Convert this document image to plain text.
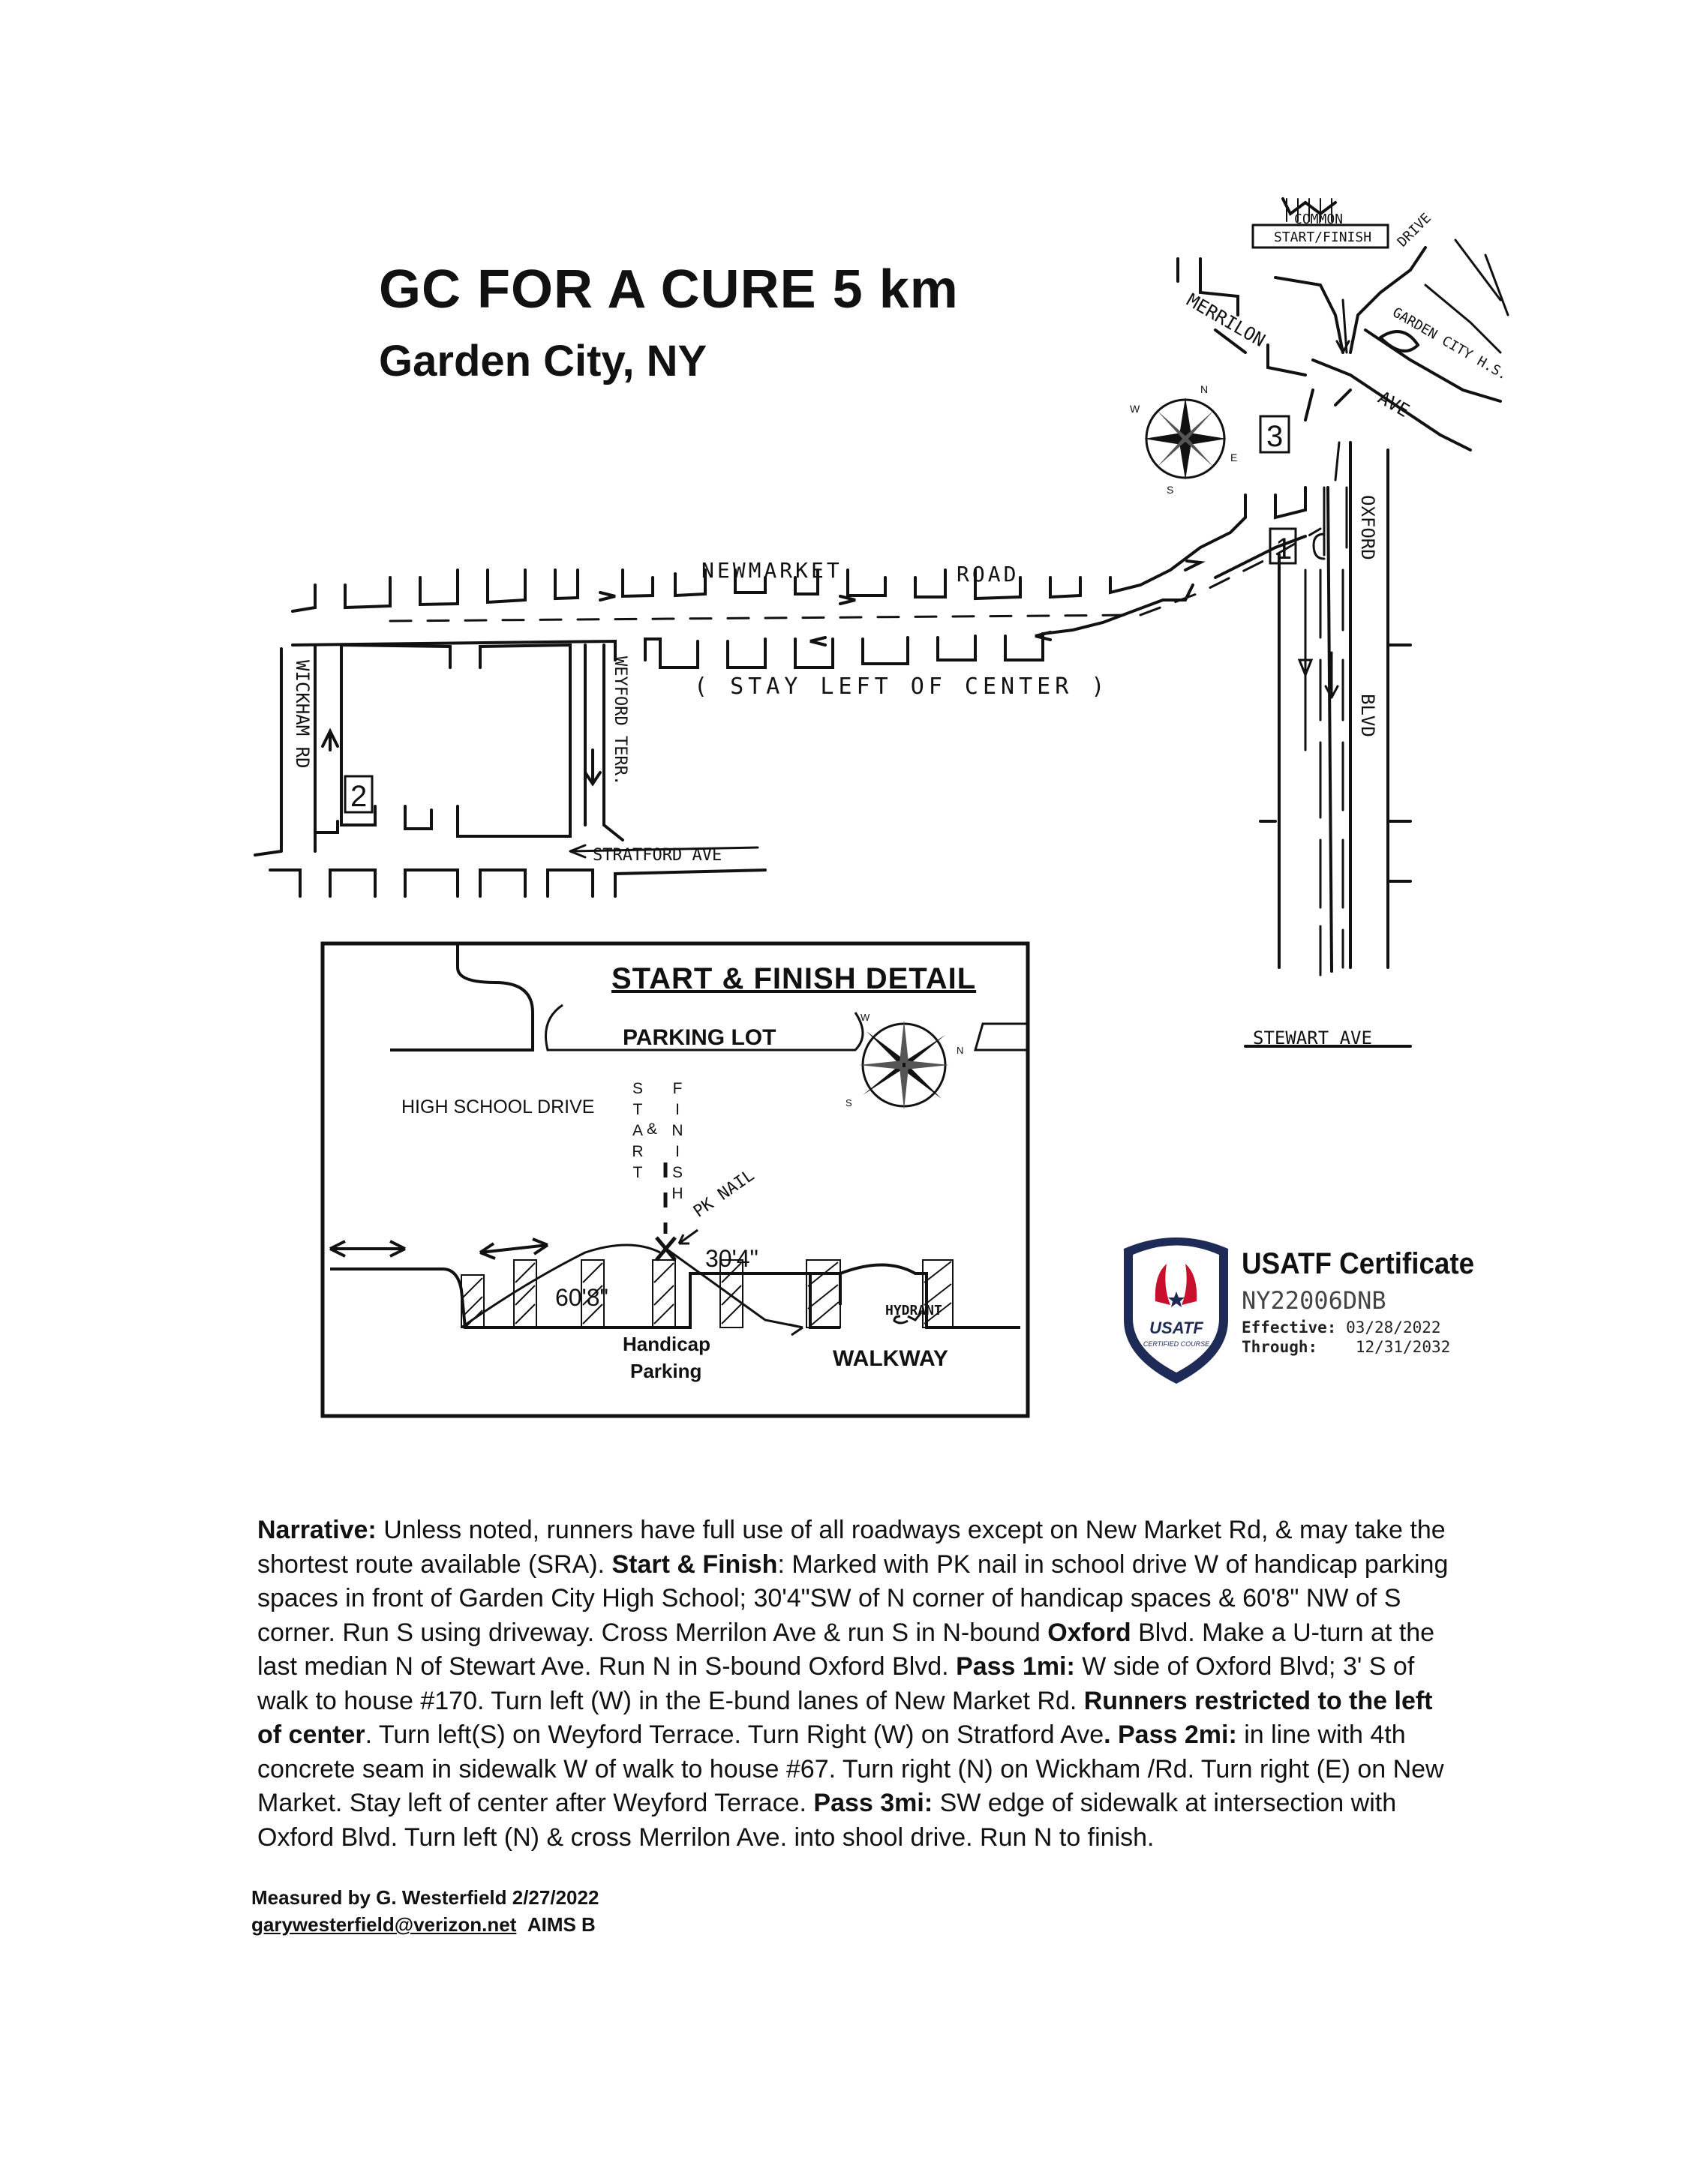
GC FOR A CURE 5 km
Garden City, NY
2
WICKHAM RD	WEYFORD TERR.
STRATFORD AVE
NEWMARKET	ROAD
( STAY LEFT OF CENTER )
1
3
OXFORD
BLVD
STEWART AVE
MERRILON
AVE
START/FINISH
COMMON	DRIVE
GARDEN CITY H.S.
N
E
S
W
START & FINISH DETAIL
PARKING LOT
HIGH SCHOOL DRIVE
S
T
A
R
T
&
F
I
N
I
S
H PK NAIL
30'4"
60'8"
Handicap
Parking
HYDRANT
WALKWAY
N
W
S
USATF
CERTIFIED COURSE
USATF Certificate
NY22006DNB
Effective: 03/28/2022
Through: 12/31/2032
Narrative: Unless noted, runners have full use of all roadways except on New Market Rd, & may take the shortest route available (SRA). Start & Finish: Marked with PK nail in school drive W of handicap parking spaces in front of Garden City High School; 30'4"SW of N corner of handicap spaces & 60'8" NW of S corner. Run S using driveway. Cross Merrilon Ave & run S in N-bound Oxford Blvd. Make a U-turn at the last median N of Stewart Ave. Run N in S-bound Oxford Blvd. Pass 1mi: W side of Oxford Blvd; 3' S of walk to house #170. Turn left (W) in the E-bund lanes of New Market Rd. Runners restricted to the left of center. Turn left(S) on Weyford Terrace. Turn Right (W) on Stratford Ave. Pass 2mi: in line with 4th concrete seam in sidewalk W of walk to house #67. Turn right (N) on Wickham /Rd. Turn right (E) on New Market. Stay left of center after Weyford Terrace. Pass 3mi: SW edge of sidewalk at intersection with Oxford Blvd. Turn left (N) & cross Merrilon Ave. into shool drive. Run N to finish.
Measured by G. Westerfield 2/27/2022
garywesterfield@verizon.net AIMS B
